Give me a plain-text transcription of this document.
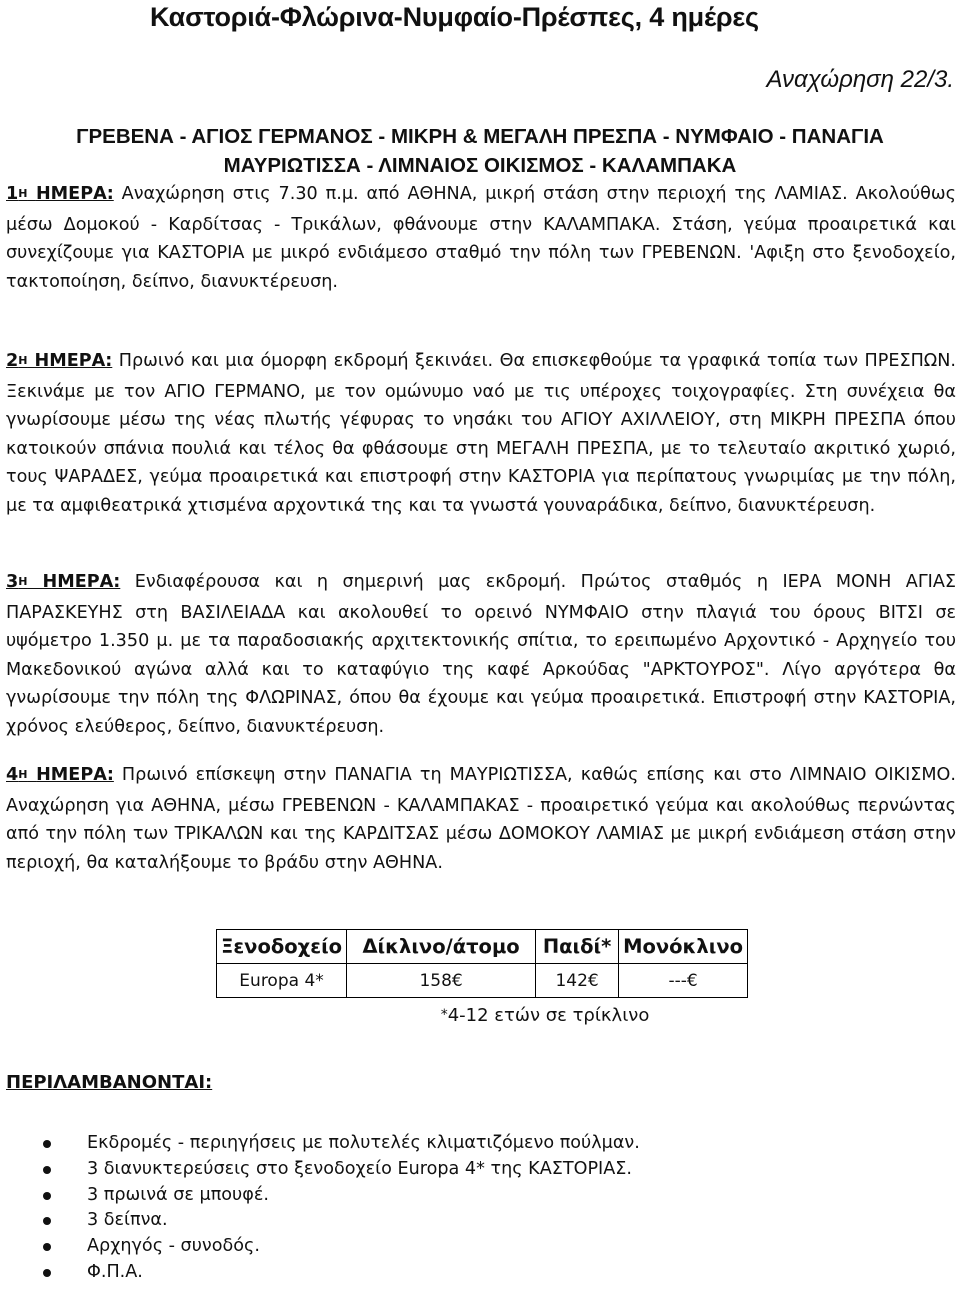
Καστοριά-Φλώρινα-Νυμφαίο-Πρέσπες, 4 ημέρες
Αναχώρηση 22/3.
ΓΡΕΒΕΝΑ - ΑΓΙΟΣ ΓΕΡΜΑΝΟΣ - ΜΙΚΡΗ & ΜΕΓΑΛΗ ΠΡΕΣΠΑ - ΝΥΜΦΑΙΟ - ΠΑΝΑΓΙΑ ΜΑΥΡΙΩΤΙΣΣΑ - ΛΙΜΝΑΙΟΣ ΟΙΚΙΣΜΟΣ - ΚΑΛΑΜΠΑΚΑ
$1^H$ ΗΜΕΡΑ: Αναχώρηση στις 7.30 π.μ. από ΑΘΗΝΑ, μικρή στάση στην περιοχή της ΛΑΜΙΑΣ. Ακολούθως μέσω Δομοκού - Καρδίτσας - Τρικάλων, φθάνουμε στην ΚΑΛΑΜΠΑΚΑ. Στάση, γεύμα προαιρετικά και συνεχίζουμε για ΚΑΣΤΟΡΙΑ με μικρό ενδιάμεσο σταθμό την πόλη των ΓΡΕΒΕΝΩΝ. 'Αφιξη στο ξενοδοχείο, τακτοποίηση, δείπνο, διανυκτέρευση.
$2^H$ ΗΜΕΡΑ: Πρωινό και μια όμορφη εκδρομή ξεκινάει. Θα επισκεφθούμε τα γραφικά τοπία των ΠΡΕΣΠΩΝ. Ξεκινάμε με τον ΑΓΙΟ ΓΕΡΜΑΝΟ, με τον ομώνυμο ναό με τις υπέροχες τοιχογραφίες. Στη συνέχεια θα γνωρίσουμε μέσω της νέας πλωτής γέφυρας το νησάκι του ΑΓΙΟΥ ΑΧΙΛΛΕΙΟΥ, στη ΜΙΚΡΗ ΠΡΕΣΠΑ όπου κατοικούν σπάνια πουλιά και τέλος θα φθάσουμε στη ΜΕΓΑΛΗ ΠΡΕΣΠΑ, με το τελευταίο ακριτικό χωριό, τους ΨΑΡΑΔΕΣ, γεύμα προαιρετικά και επιστροφή στην ΚΑΣΤΟΡΙΑ για περίπατους γνωριμίας με την πόλη, με τα αμφιθεατρικά χτισμένα αρχοντικά της και τα γνωστά γουναράδικα, δείπνο, διανυκτέρευση.
$3^H$ ΗΜΕΡΑ: Ενδιαφέρουσα και η σημερινή μας εκδρομή. Πρώτος σταθμός η ΙΕΡΑ ΜΟΝΗ ΑΓΙΑΣ ΠΑΡΑΣΚΕΥΗΣ στη ΒΑΣΙΛΕΙΑΔΑ και ακολουθεί το ορεινό ΝΥΜΦΑΙΟ στην πλαγιά του όρους ΒΙΤΣΙ σε υψόμετρο 1.350 μ. με τα παραδοσιακής αρχιτεκτονικής σπίτια, το ερειπωμένο Αρχοντικό - Αρχηγείο του Μακεδονικού αγώνα αλλά και το καταφύγιο της καφέ Αρκούδας "ΑΡΚΤΟΥΡΟΣ". Λίγο αργότερα θα γνωρίσουμε την πόλη της ΦΛΩΡΙΝΑΣ, όπου θα έχουμε και γεύμα προαιρετικά. Επιστροφή στην ΚΑΣΤΟΡΙΑ, χρόνος ελεύθερος, δείπνο, διανυκτέρευση.
$4^H$ ΗΜΕΡΑ: Πρωινό επίσκεψη στην ΠΑΝΑΓΙΑ τη ΜΑΥΡΙΩΤΙΣΣΑ, καθώς επίσης και στο ΛΙΜΝΑΙΟ ΟΙΚΙΣΜΟ. Αναχώρηση για ΑΘΗΝΑ, μέσω ΓΡΕΒΕΝΩΝ - ΚΑΛΑΜΠΑΚΑΣ - προαιρετικό γεύμα και ακολούθως περνώντας από την πόλη των ΤΡΙΚΑΛΩΝ και της ΚΑΡΔΙΤΣΑΣ μέσω ΔΟΜΟΚΟΥ ΛΑΜΙΑΣ με μικρή ενδιάμεση στάση στην περιοχή, θα καταλήξουμε το βράδυ στην ΑΘΗΝΑ.
Ξενοδοχείο	Δίκλινο/άτομο	Παιδί*	Μονόκλινο
Europa 4*	158€	142€	---€
	*4-12 ετών σε τρίκλινο		
ΠΕΡΙΛΑΜΒΑΝΟΝΤΑΙ:
Εκδρομές - περιηγήσεις με πολυτελές κλιματιζόμενο πούλμαν.
3 διανυκτερεύσεις στο ξενοδοχείο Europa 4* της ΚΑΣΤΟΡΙΑΣ.
3 πρωινά σε μπουφέ.
3 δείπνα.
Αρχηγός - συνοδός.
Φ.Π.Α.
